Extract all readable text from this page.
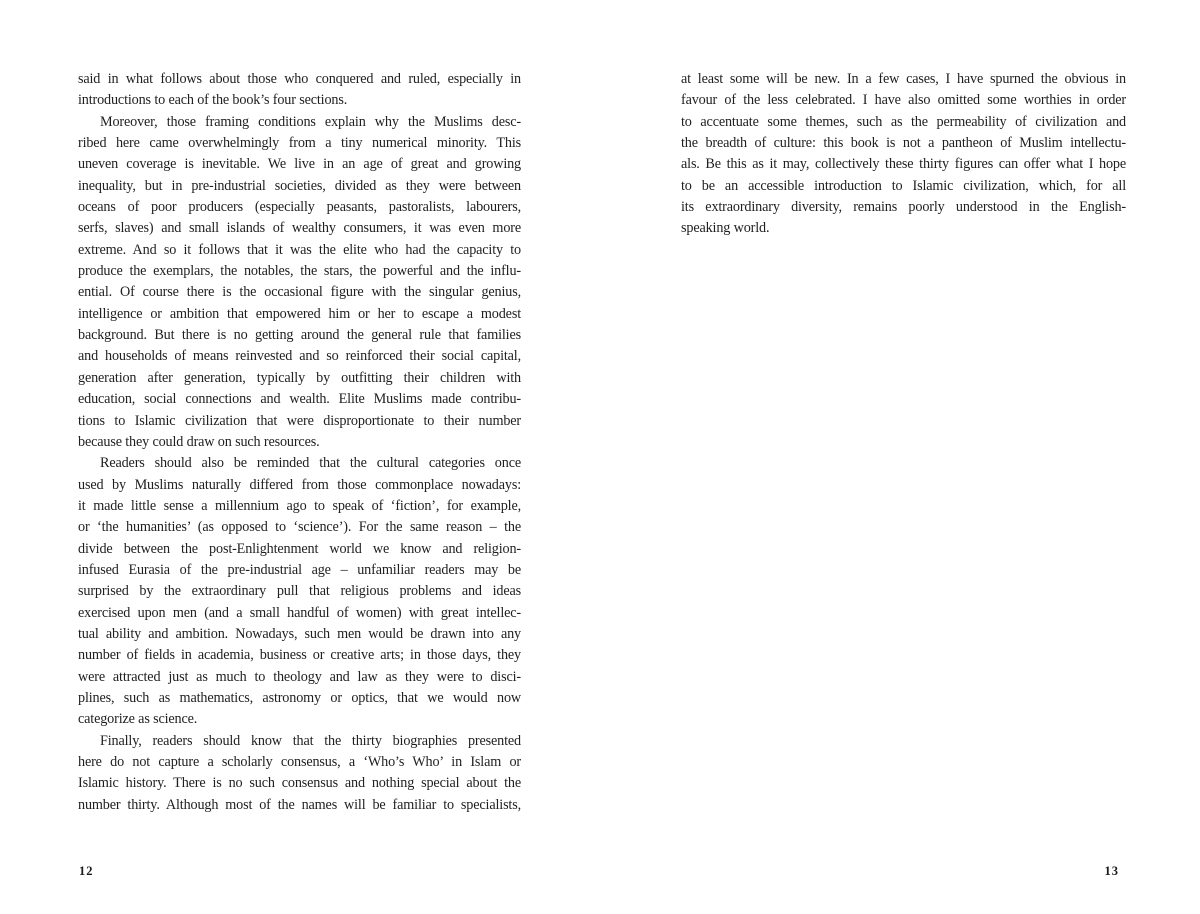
said in what follows about those who conquered and ruled, especially in
introductions to each of the book’s four sections.
Moreover, those framing conditions explain why the Muslims desc-
ribed here came overwhelmingly from a tiny numerical minority. This
uneven coverage is inevitable. We live in an age of great and growing
inequality, but in pre-industrial societies, divided as they were between
oceans of poor producers (especially peasants, pastoralists, labourers,
serfs, slaves) and small islands of wealthy consumers, it was even more
extreme. And so it follows that it was the elite who had the capacity to
produce the exemplars, the notables, the stars, the powerful and the influ-
ential. Of course there is the occasional figure with the singular genius,
intelligence or ambition that empowered him or her to escape a modest
background. But there is no getting around the general rule that families
and households of means reinvested and so reinforced their social capital,
generation after generation, typically by outfitting their children with
education, social connections and wealth. Elite Muslims made contribu-
tions to Islamic civilization that were disproportionate to their number
because they could draw on such resources.
Readers should also be reminded that the cultural categories once
used by Muslims naturally differed from those commonplace nowadays:
it made little sense a millennium ago to speak of ‘fiction’, for example,
or ‘the humanities’ (as opposed to ‘science’). For the same reason – the
divide between the post-Enlightenment world we know and religion-
infused Eurasia of the pre-industrial age – unfamiliar readers may be
surprised by the extraordinary pull that religious problems and ideas
exercised upon men (and a small handful of women) with great intellec-
tual ability and ambition. Nowadays, such men would be drawn into any
number of fields in academia, business or creative arts; in those days, they
were attracted just as much to theology and law as they were to disci-
plines, such as mathematics, astronomy or optics, that we would now
categorize as science.
Finally, readers should know that the thirty biographies presented
here do not capture a scholarly consensus, a ‘Who’s Who’ in Islam or
Islamic history. There is no such consensus and nothing special about the
number thirty. Although most of the names will be familiar to specialists,
12
at least some will be new. In a few cases, I have spurned the obvious in
favour of the less celebrated. I have also omitted some worthies in order
to accentuate some themes, such as the permeability of civilization and
the breadth of culture: this book is not a pantheon of Muslim intellectu-
als. Be this as it may, collectively these thirty figures can offer what I hope
to be an accessible introduction to Islamic civilization, which, for all
its extraordinary diversity, remains poorly understood in the English-
speaking world.
13
